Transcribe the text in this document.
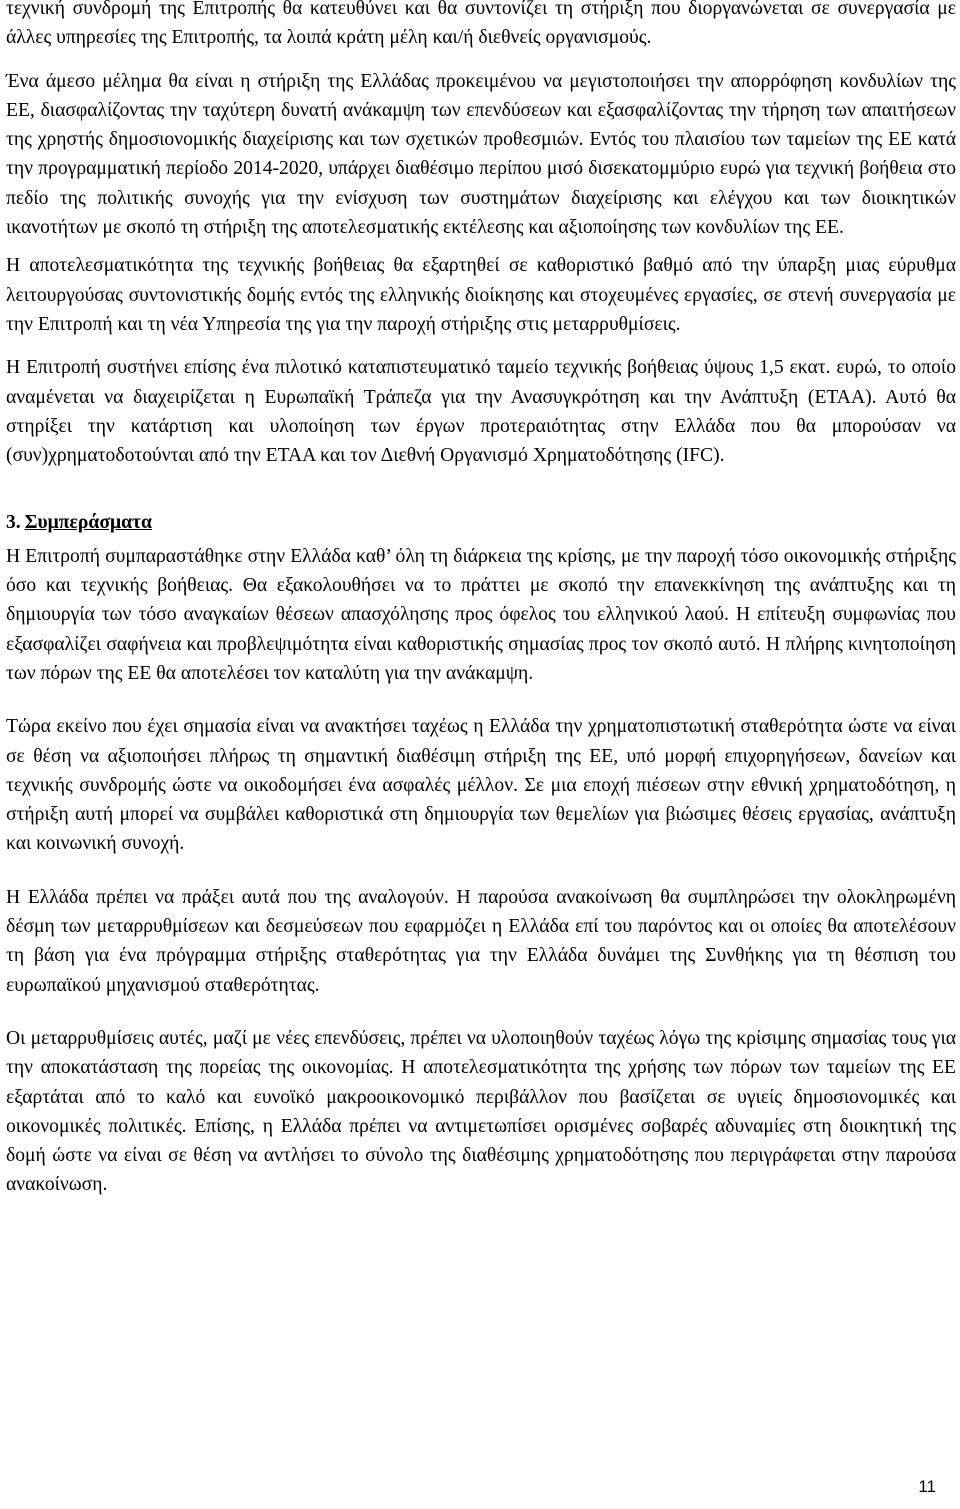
τεχνική συνδρομή της Επιτροπής θα κατευθύνει και θα συντονίζει τη στήριξη που διοργανώνεται σε συνεργασία με άλλες υπηρεσίες της Επιτροπής, τα λοιπά κράτη μέλη και/ή διεθνείς οργανισμούς.

Ένα άμεσο μέλημα θα είναι η στήριξη της Ελλάδας προκειμένου να μεγιστοποιήσει την απορρόφηση κονδυλίων της ΕΕ, διασφαλίζοντας την ταχύτερη δυνατή ανάκαμψη των επενδύσεων και εξασφαλίζοντας την τήρηση των απαιτήσεων της χρηστής δημοσιονομικής διαχείρισης και των σχετικών προθεσμιών. Εντός του πλαισίου των ταμείων της ΕΕ κατά την προγραμματική περίοδο 2014-2020, υπάρχει διαθέσιμο περίπου μισό δισεκατομμύριο ευρώ για τεχνική βοήθεια στο πεδίο της πολιτικής συνοχής για την ενίσχυση των συστημάτων διαχείρισης και ελέγχου και των διοικητικών ικανοτήτων με σκοπό τη στήριξη της αποτελεσματικής εκτέλεσης και αξιοποίησης των κονδυλίων της ΕΕ.

Η αποτελεσματικότητα της τεχνικής βοήθειας θα εξαρτηθεί σε καθοριστικό βαθμό από την ύπαρξη μιας εύρυθμα λειτουργούσας συντονιστικής δομής εντός της ελληνικής διοίκησης και στοχευμένες εργασίες, σε στενή συνεργασία με την Επιτροπή και τη νέα Υπηρεσία της για την παροχή στήριξης στις μεταρρυθμίσεις.

Η Επιτροπή συστήνει επίσης ένα πιλοτικό καταπιστευματικό ταμείο τεχνικής βοήθειας ύψους 1,5 εκατ. ευρώ, το οποίο αναμένεται να διαχειρίζεται η Ευρωπαϊκή Τράπεζα για την Ανασυγκρότηση και την Ανάπτυξη (ΕΤΑΑ). Αυτό θα στηρίξει την κατάρτιση και υλοποίηση των έργων προτεραιότητας στην Ελλάδα που θα μπορούσαν να (συν)χρηματοδοτούνται από την ΕΤΑΑ και τον Διεθνή Οργανισμό Χρηματοδότησης (IFC).

3. Συμπεράσματα

Η Επιτροπή συμπαραστάθηκε στην Ελλάδα καθ’ όλη τη διάρκεια της κρίσης, με την παροχή τόσο οικονομικής στήριξης όσο και τεχνικής βοήθειας. Θα εξακολουθήσει να το πράττει με σκοπό την επανεκκίνηση της ανάπτυξης και τη δημιουργία των τόσο αναγκαίων θέσεων απασχόλησης προς όφελος του ελληνικού λαού. Η επίτευξη συμφωνίας που εξασφαλίζει σαφήνεια και προβλεψιμότητα είναι καθοριστικής σημασίας προς τον σκοπό αυτό. Η πλήρης κινητοποίηση των πόρων της ΕΕ θα αποτελέσει τον καταλύτη για την ανάκαμψη.

Τώρα εκείνο που έχει σημασία είναι να ανακτήσει ταχέως η Ελλάδα την χρηματοπιστωτική σταθερότητα ώστε να είναι σε θέση να αξιοποιήσει πλήρως τη σημαντική διαθέσιμη στήριξη της ΕΕ, υπό μορφή επιχορηγήσεων, δανείων και τεχνικής συνδρομής ώστε να οικοδομήσει ένα ασφαλές μέλλον. Σε μια εποχή πιέσεων στην εθνική χρηματοδότηση, η στήριξη αυτή μπορεί να συμβάλει καθοριστικά στη δημιουργία των θεμελίων για βιώσιμες θέσεις εργασίας, ανάπτυξη και κοινωνική συνοχή.

Η Ελλάδα πρέπει να πράξει αυτά που της αναλογούν. Η παρούσα ανακοίνωση θα συμπληρώσει την ολοκληρωμένη δέσμη των μεταρρυθμίσεων και δεσμεύσεων που εφαρμόζει η Ελλάδα επί του παρόντος και οι οποίες θα αποτελέσουν τη βάση για ένα πρόγραμμα στήριξης σταθερότητας για την Ελλάδα δυνάμει της Συνθήκης για τη θέσπιση του ευρωπαϊκού μηχανισμού σταθερότητας.

Οι μεταρρυθμίσεις αυτές, μαζί με νέες επενδύσεις, πρέπει να υλοποιηθούν ταχέως λόγω της κρίσιμης σημασίας τους για την αποκατάσταση της πορείας της οικονομίας. Η αποτελεσματικότητα της χρήσης των πόρων των ταμείων της ΕΕ εξαρτάται από το καλό και ευνοϊκό μακροοικονομικό περιβάλλον που βασίζεται σε υγιείς δημοσιονομικές και οικονομικές πολιτικές. Επίσης, η Ελλάδα πρέπει να αντιμετωπίσει ορισμένες σοβαρές αδυναμίες στη διοικητική της δομή ώστε να είναι σε θέση να αντλήσει το σύνολο της διαθέσιμης χρηματοδότησης που περιγράφεται στην παρούσα ανακοίνωση.

11
